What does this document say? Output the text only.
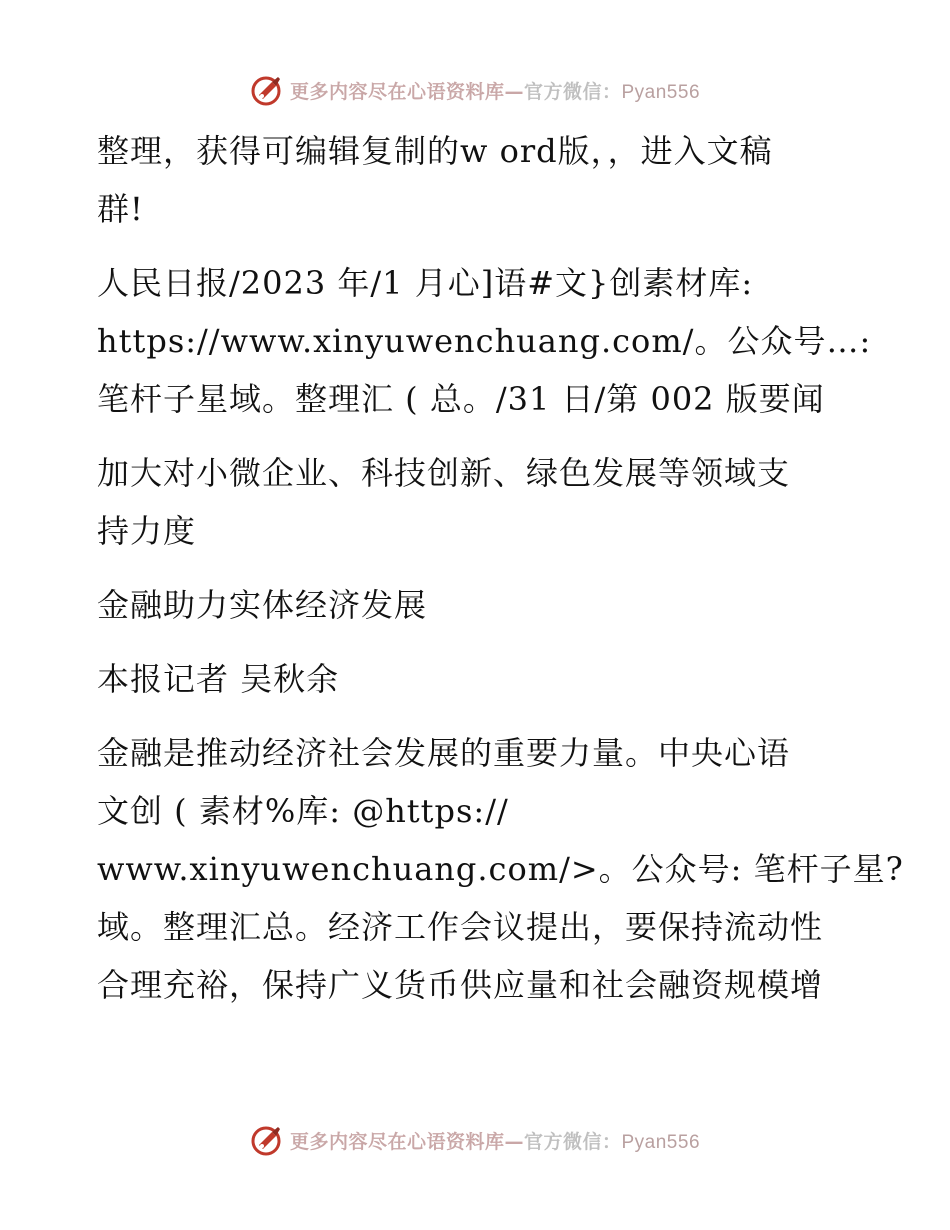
更多内容尽在心语资料库—官方微信：Pyan556

整理，获得可编辑复制的w ord版，，进入文稿
群!

人民日报/2023 年/1 月心]语#文}创素材库:
https://www.xinyuwenchuang.com/。公众号…:
笔杆子星域。整理汇 ( 总。/31 日/第 002 版要闻

加大对小微企业、科技创新、绿色发展等领域支
持力度

金融助力实体经济发展

本报记者 吴秋余

金融是推动经济社会发展的重要力量。中央心语
文创 ( 素材%库: @https://
www.xinyuwenchuang.com/>。公众号: 笔杆子星?
域。整理汇总。经济工作会议提出，要保持流动性
合理充裕，保持广义货币供应量和社会融资规模增

更多内容尽在心语资料库—官方微信：Pyan556
